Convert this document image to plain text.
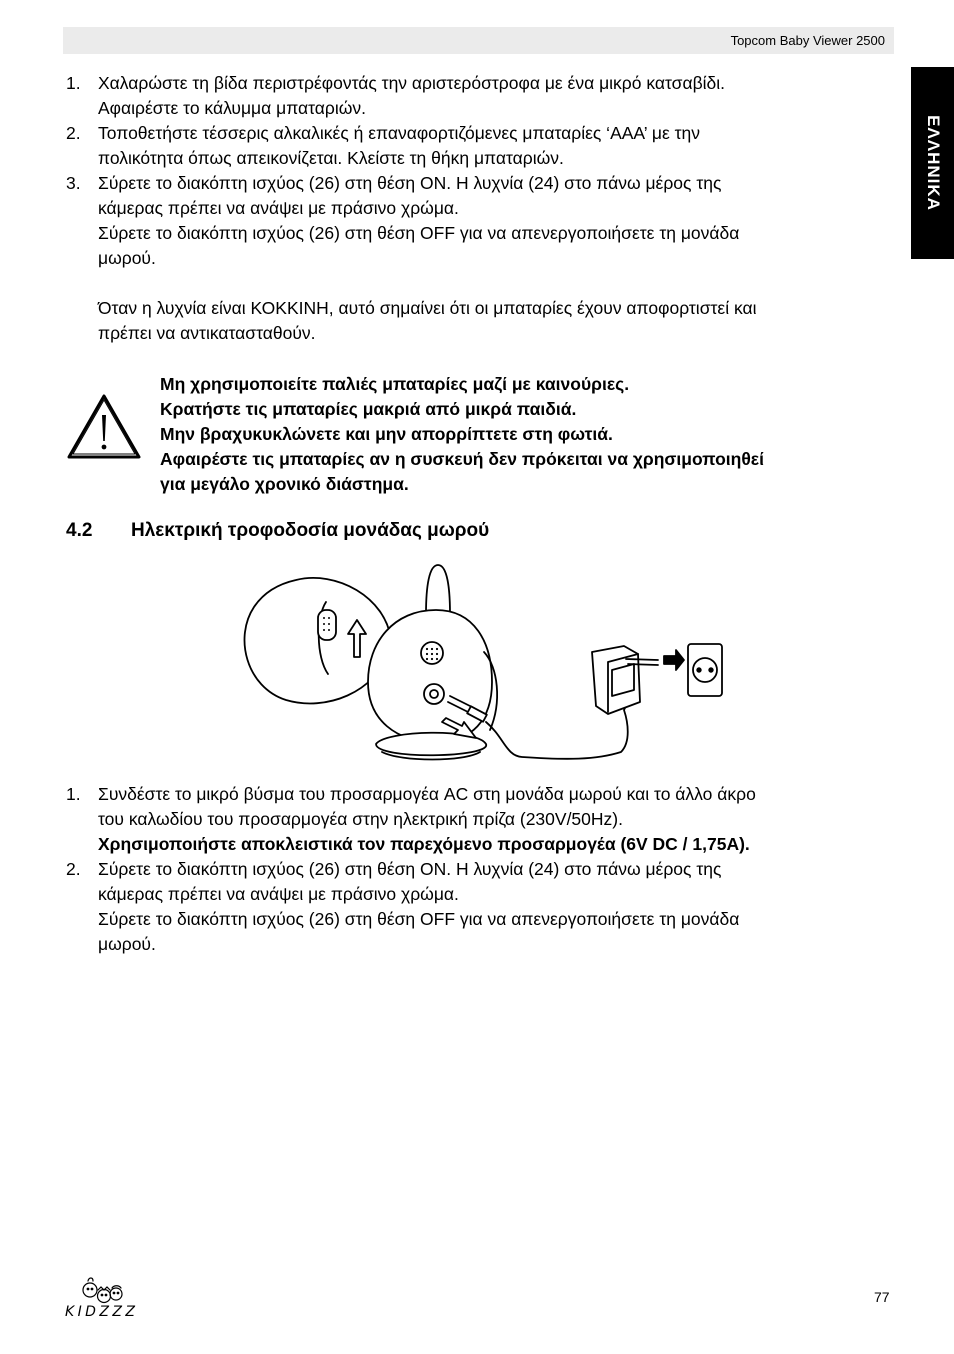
Topcom Baby Viewer 2500
ΕΛΛΗΝΙΚΑ
1. Χαλαρώστε τη βίδα περιστρέφοντάς την αριστερόστροφα με ένα μικρό κατσαβίδι.
Αφαιρέστε το κάλυμμα μπαταριών.
2. Τοποθετήστε τέσσερις αλκαλικές ή επαναφορτιζόμενες μπαταρίες ‘AAA’ με την
πολικότητα όπως απεικονίζεται. Κλείστε τη θήκη μπαταριών.
3. Σύρετε το διακόπτη ισχύος (26) στη θέση ON. Η λυχνία (24) στο πάνω μέρος της
κάμερας πρέπει να ανάψει με πράσινο χρώμα.
Σύρετε το διακόπτη ισχύος (26) στη θέση OFF για να απενεργοποιήσετε τη μονάδα
μωρού.
Όταν η λυχνία είναι ΚΟΚΚΙΝΗ, αυτό σημαίνει ότι οι μπαταρίες έχουν αποφορτιστεί και
πρέπει να αντικατασταθούν.
Μη χρησιμοποιείτε παλιές μπαταρίες μαζί με καινούριες.
Κρατήστε τις μπαταρίες μακριά από μικρά παιδιά.
Μην βραχυκυκλώνετε και μην απορρίπτετε στη φωτιά.
Αφαιρέστε τις μπαταρίες αν η συσκευή δεν πρόκειται να χρησιμοποιηθεί
για μεγάλο χρονικό διάστημα.
4.2 Ηλεκτρική τροφοδοσία μονάδας μωρού
1. Συνδέστε το μικρό βύσμα του προσαρμογέα AC στη μονάδα μωρού και το άλλο άκρο
του καλωδίου του προσαρμογέα στην ηλεκτρική πρίζα (230V/50Hz).
Χρησιμοποιήστε αποκλειστικά τον παρεχόμενο προσαρμογέα (6V DC / 1,75A).
2. Σύρετε το διακόπτη ισχύος (26) στη θέση ON. Η λυχνία (24) στο πάνω μέρος της
κάμερας πρέπει να ανάψει με πράσινο χρώμα.
Σύρετε το διακόπτη ισχύος (26) στη θέση OFF για να απενεργοποιήσετε τη μονάδα
μωρού.
KIDZZZ
77
